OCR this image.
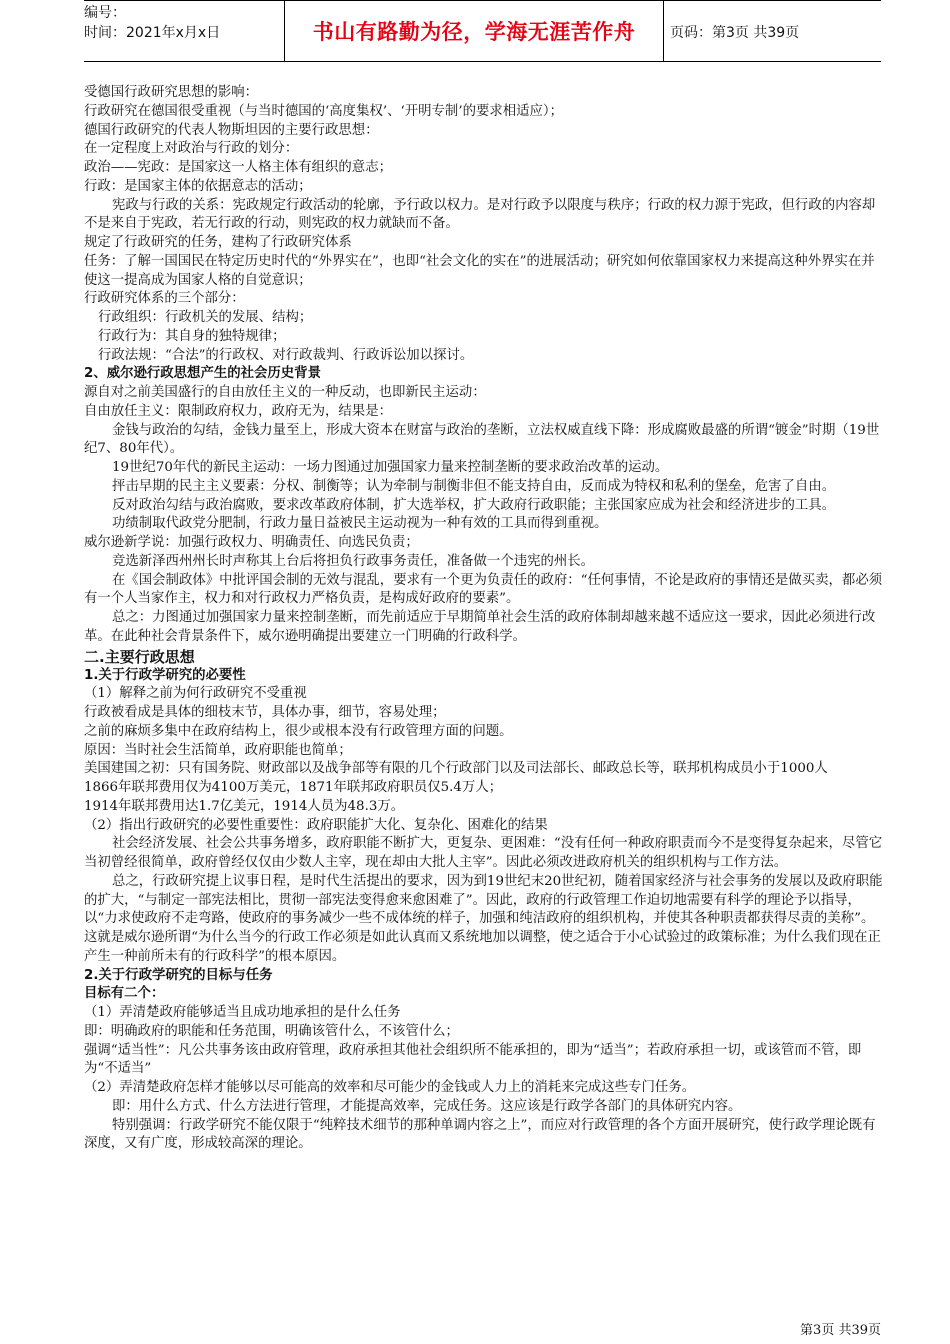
编号：
时间：2021年x月x日	书山有路勤为径，学海无涯苦作舟	页码：第3页 共39页

受德国行政研究思想的影响：

行政研究在德国很受重视（与当时德国的‘高度集权’、‘开明专制’的要求相适应）；

德国行政研究的代表人物斯坦因的主要行政思想：

在一定程度上对政治与行政的划分：

政治——宪政：是国家这一人格主体有组织的意志；

行政：是国家主体的依据意志的活动；

宪政与行政的关系：宪政规定行政活动的轮廓，予行政以权力。是对行政予以限度与秩序；行政的权力源于宪政，但行政的内容却不是来自于宪政，若无行政的行动，则宪政的权力就缺而不备。

规定了行政研究的任务，建构了行政研究体系

任务：了解一国国民在特定历史时代的“外界实在”，也即“社会文化的实在”的进展活动；研究如何依靠国家权力来提高这种外界实在并使这一提高成为国家人格的自觉意识；

行政研究体系的三个部分：

行政组织：行政机关的发展、结构；

行政行为：其自身的独特规律；

行政法规：“合法”的行政权、对行政裁判、行政诉讼加以探讨。

2、威尔逊行政思想产生的社会历史背景

源自对之前美国盛行的自由放任主义的一种反动，也即新民主运动：

自由放任主义：限制政府权力，政府无为，结果是：

金钱与政治的勾结，金钱力量至上，形成大资本在财富与政治的垄断，立法权威直线下降：形成腐败最盛的所谓“镀金”时期（19世纪7、80年代）。

19世纪70年代的新民主运动：一场力图通过加强国家力量来控制垄断的要求政治改革的运动。

抨击早期的民主主义要素：分权、制衡等；认为牵制与制衡非但不能支持自由，反而成为特权和私利的堡垒，危害了自由。

反对政治勾结与政治腐败，要求改革政府体制，扩大选举权，扩大政府行政职能；主张国家应成为社会和经济进步的工具。

功绩制取代政党分肥制，行政力量日益被民主运动视为一种有效的工具而得到重视。

威尔逊新学说：加强行政权力、明确责任、向选民负责；

竞选新泽西州州长时声称其上台后将担负行政事务责任，准备做一个违宪的州长。

在《国会制政体》中批评国会制的无效与混乱，要求有一个更为负责任的政府：“任何事情，不论是政府的事情还是做买卖，都必须有一个人当家作主，权力和对行政权力严格负责，是构成好政府的要素”。

总之：力图通过加强国家力量来控制垄断，而先前适应于早期简单社会生活的政府体制却越来越不适应这一要求，因此必须进行改革。在此种社会背景条件下，威尔逊明确提出要建立一门明确的行政科学。

二.主要行政思想

1.关于行政学研究的必要性

（1）解释之前为何行政研究不受重视

行政被看成是具体的细枝末节，具体办事，细节，容易处理；

之前的麻烦多集中在政府结构上，很少或根本没有行政管理方面的问题。

原因：当时社会生活简单，政府职能也简单；

美国建国之初：只有国务院、财政部以及战争部等有限的几个行政部门以及司法部长、邮政总长等，联邦机构成员小于1000人

1866年联邦费用仅为4100万美元，1871年联邦政府职员仅5.4万人；

1914年联邦费用达1.7亿美元，1914人员为48.3万。

（2）指出行政研究的必要性重要性：政府职能扩大化、复杂化、困难化的结果

社会经济发展、社会公共事务增多，政府职能不断扩大，更复杂、更困难：“没有任何一种政府职责而今不是变得复杂起来，尽管它当初曾经很简单，政府曾经仅仅由少数人主宰，现在却由大批人主宰”。因此必须改进政府机关的组织机构与工作方法。

总之，行政研究提上议事日程，是时代生活提出的要求，因为到19世纪末20世纪初，随着国家经济与社会事务的发展以及政府职能的扩大，“与制定一部宪法相比，贯彻一部宪法变得愈来愈困难了”。因此，政府的行政管理工作迫切地需要有科学的理论予以指导，以“力求使政府不走弯路，使政府的事务减少一些不成体统的样子，加强和纯洁政府的组织机构，并使其各种职责都获得尽责的美称”。这就是威尔逊所谓“为什么当今的行政工作必须是如此认真而又系统地加以调整，使之适合于小心试验过的政策标准；为什么我们现在正产生一种前所未有的行政科学”的根本原因。

2.关于行政学研究的目标与任务

目标有二个：

（1）弄清楚政府能够适当且成功地承担的是什么任务

即：明确政府的职能和任务范围，明确该管什么，不该管什么；

强调“适当性”：凡公共事务该由政府管理，政府承担其他社会组织所不能承担的，即为“适当”；若政府承担一切，或该管而不管，即为“不适当”

（2）弄清楚政府怎样才能够以尽可能高的效率和尽可能少的金钱或人力上的消耗来完成这些专门任务。

即：用什么方式、什么方法进行管理，才能提高效率，完成任务。这应该是行政学各部门的具体研究内容。

特别强调：行政学研究不能仅限于“纯粹技术细节的那种单调内容之上”，而应对行政管理的各个方面开展研究，使行政学理论既有深度，又有广度，形成较高深的理论。

第3页 共39页
